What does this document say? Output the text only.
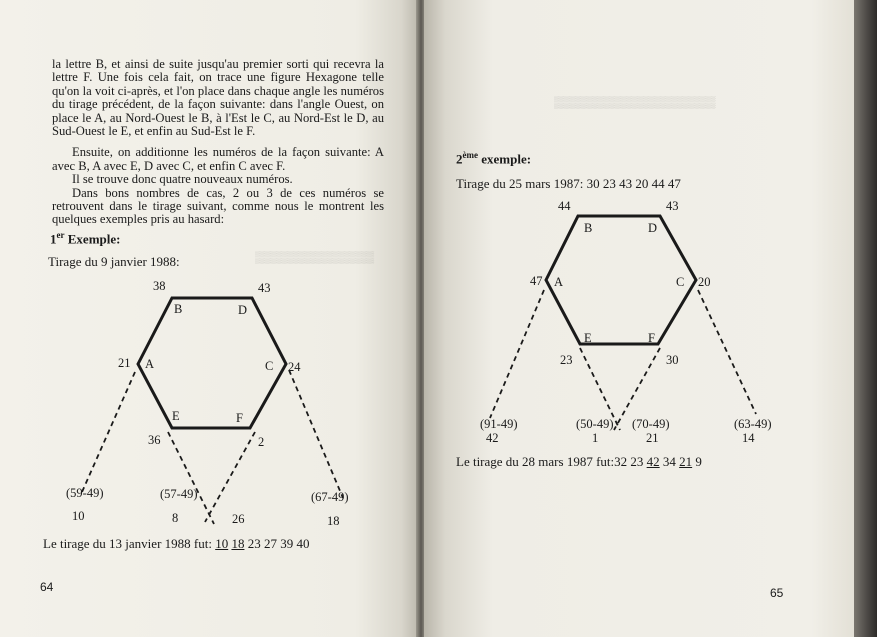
▒▒▒▒▒▒▒▒▒▒▒▒▒▒

la lettre B, et ainsi de suite jusqu'au premier sorti qui recevra la lettre F. Une fois cela fait, on trace une figure Hexagone telle qu'on la voit ci-après, et l'on place dans chaque angle les numéros du tirage précédent, de la façon suivante: dans l'angle Ouest, on place le A, au Nord-Ouest le B, à l'Est le C, au Nord-Est le D, au Sud-Ouest le E, et enfin au Sud-Est le F.

Ensuite, on additionne les numéros de la façon suivante: A avec B, A avec E, D avec C, et enfin C avec F.

Il se trouve donc quatre nouveaux numéros.

Dans bons nombres de cas, 2 ou 3 de ces numéros se retrouvent dans le tirage suivant, comme nous le montrent les quelques exemples pris au hasard:

1er Exemple:
Tirage du 9 janvier 1988:
38	43
21	24
36	2
B	D
A	C
E	F
(59-49)
10
(57-49)
8	26
(67-49)
18
Le tirage du 13 janvier 1988 fut: 10 18 23 27 39 40
64
▒▒▒▒▒▒▒▒▒▒▒▒▒▒▒▒▒▒▒
2ème exemple:
Tirage du 25 mars 1987: 30 23 43 20 44 47
44	43
47	20
23	30
B	D
A	C
E	F
(91-49)
42
(50-49)
1
(70-49)
21
(63-49)
14
Le tirage du 28 mars 1987 fut:32 23 42 34 21 9
65
